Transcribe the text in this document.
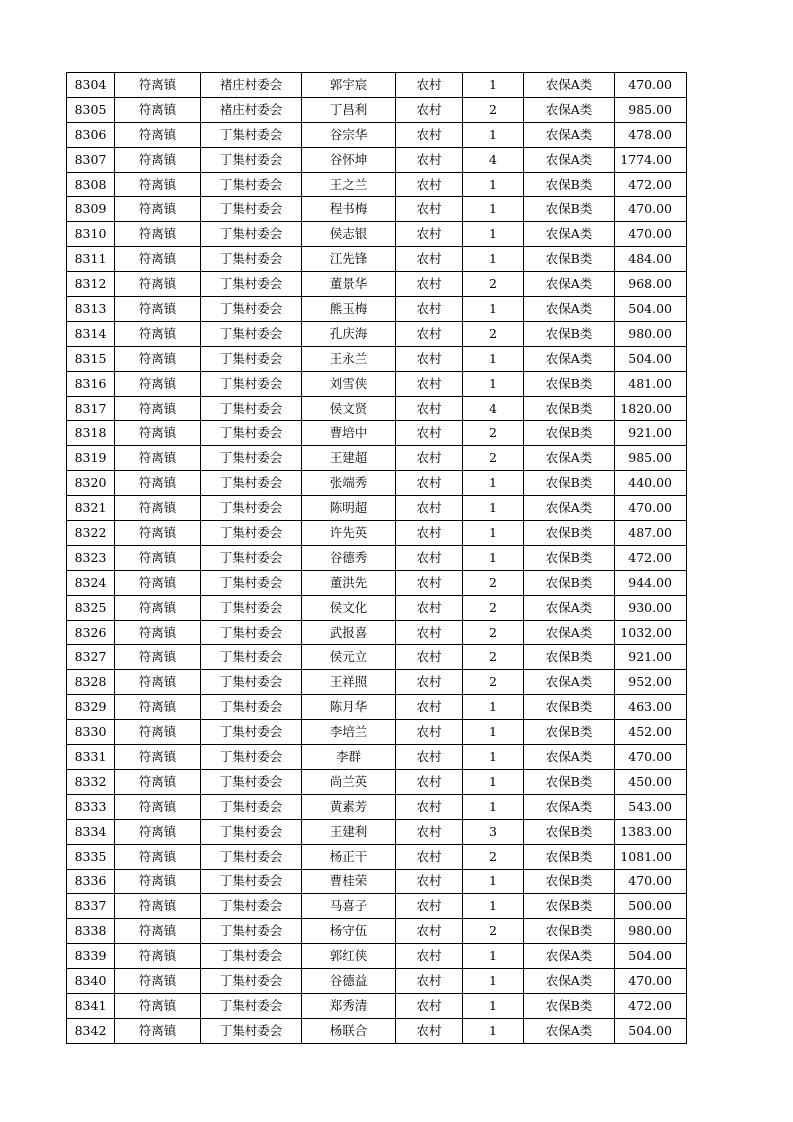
8304	符离镇	褚庄村委会	郭宇宸	农村	1	农保A类	470.00
8305	符离镇	褚庄村委会	丁昌利	农村	2	农保A类	985.00
8306	符离镇	丁集村委会	谷宗华	农村	1	农保A类	478.00
8307	符离镇	丁集村委会	谷怀坤	农村	4	农保A类	1774.00
8308	符离镇	丁集村委会	王之兰	农村	1	农保B类	472.00
8309	符离镇	丁集村委会	程书梅	农村	1	农保B类	470.00
8310	符离镇	丁集村委会	侯志银	农村	1	农保A类	470.00
8311	符离镇	丁集村委会	江先锋	农村	1	农保B类	484.00
8312	符离镇	丁集村委会	董景华	农村	2	农保A类	968.00
8313	符离镇	丁集村委会	熊玉梅	农村	1	农保A类	504.00
8314	符离镇	丁集村委会	孔庆海	农村	2	农保B类	980.00
8315	符离镇	丁集村委会	王永兰	农村	1	农保A类	504.00
8316	符离镇	丁集村委会	刘雪侠	农村	1	农保B类	481.00
8317	符离镇	丁集村委会	侯文贤	农村	4	农保B类	1820.00
8318	符离镇	丁集村委会	曹培中	农村	2	农保B类	921.00
8319	符离镇	丁集村委会	王建超	农村	2	农保A类	985.00
8320	符离镇	丁集村委会	张端秀	农村	1	农保B类	440.00
8321	符离镇	丁集村委会	陈明超	农村	1	农保A类	470.00
8322	符离镇	丁集村委会	许先英	农村	1	农保B类	487.00
8323	符离镇	丁集村委会	谷德秀	农村	1	农保B类	472.00
8324	符离镇	丁集村委会	董洪先	农村	2	农保B类	944.00
8325	符离镇	丁集村委会	侯文化	农村	2	农保A类	930.00
8326	符离镇	丁集村委会	武报喜	农村	2	农保A类	1032.00
8327	符离镇	丁集村委会	侯元立	农村	2	农保B类	921.00
8328	符离镇	丁集村委会	王祥照	农村	2	农保A类	952.00
8329	符离镇	丁集村委会	陈月华	农村	1	农保B类	463.00
8330	符离镇	丁集村委会	李培兰	农村	1	农保B类	452.00
8331	符离镇	丁集村委会	李群	农村	1	农保A类	470.00
8332	符离镇	丁集村委会	尚兰英	农村	1	农保B类	450.00
8333	符离镇	丁集村委会	黄素芳	农村	1	农保A类	543.00
8334	符离镇	丁集村委会	王建利	农村	3	农保B类	1383.00
8335	符离镇	丁集村委会	杨正干	农村	2	农保B类	1081.00
8336	符离镇	丁集村委会	曹桂荣	农村	1	农保B类	470.00
8337	符离镇	丁集村委会	马喜子	农村	1	农保B类	500.00
8338	符离镇	丁集村委会	杨守伍	农村	2	农保B类	980.00
8339	符离镇	丁集村委会	郭红侠	农村	1	农保A类	504.00
8340	符离镇	丁集村委会	谷德益	农村	1	农保A类	470.00
8341	符离镇	丁集村委会	郑秀清	农村	1	农保B类	472.00
8342	符离镇	丁集村委会	杨联合	农村	1	农保A类	504.00
